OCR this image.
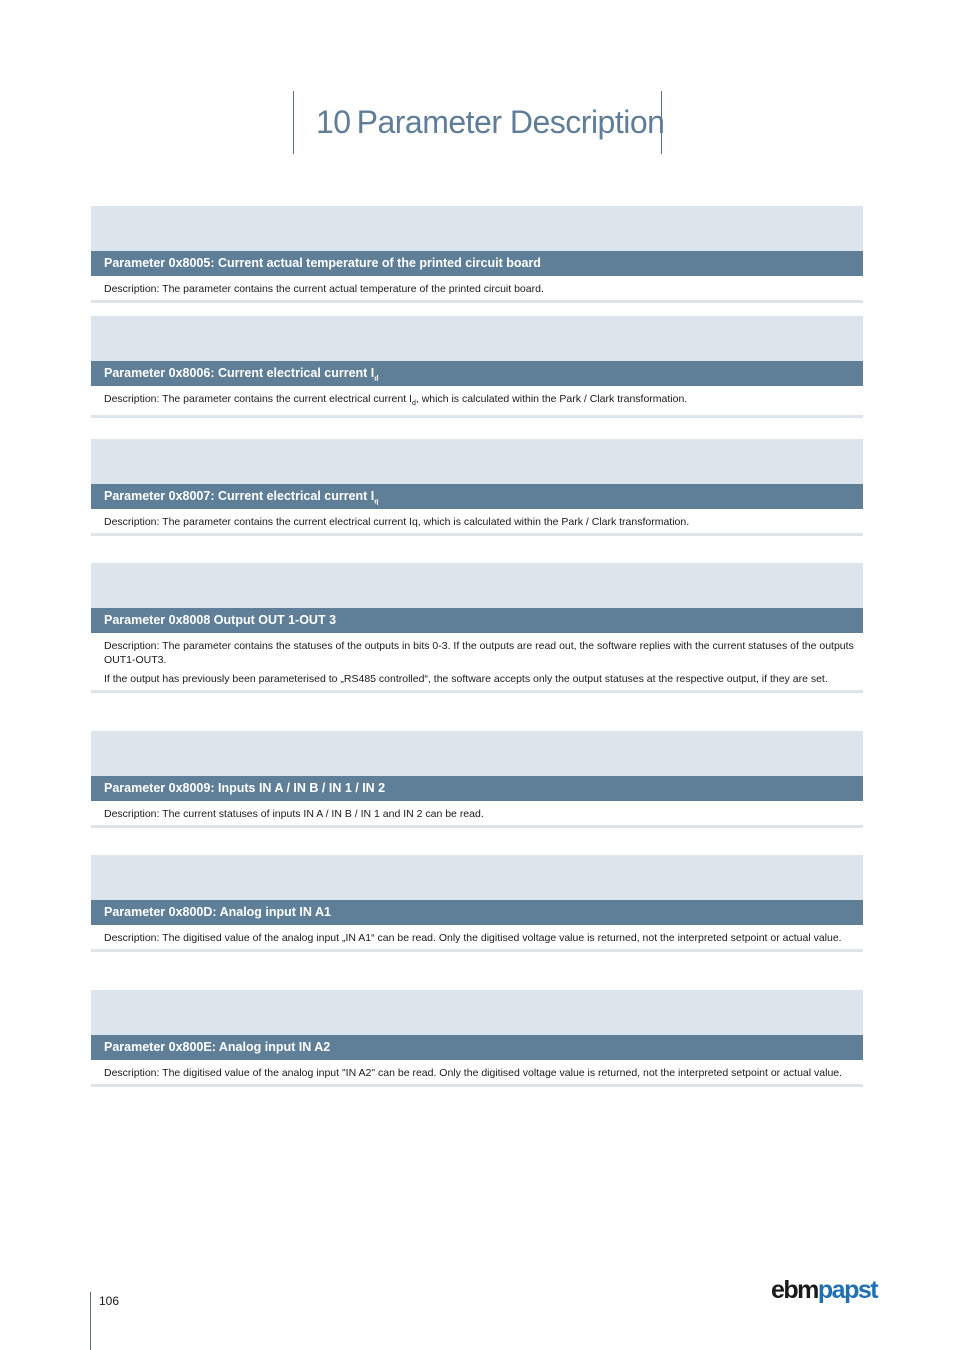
10 Parameter Description
Parameter 0x8005: Current actual temperature of the printed circuit board

Description: The parameter contains the current actual temperature of the printed circuit board.

Parameter 0x8006: Current electrical current $I_d$

Description: The parameter contains the current electrical current $I_d$, which is calculated within the Park / Clark transformation.

Parameter 0x8007: Current electrical current $I_q$

Description: The parameter contains the current electrical current Iq, which is calculated within the Park / Clark transformation.

Parameter 0x8008 Output OUT 1-OUT 3

Description: The parameter contains the statuses of the outputs in bits 0-3. If the outputs are read out, the software replies with the current statuses of the outputs OUT1-OUT3.

If the output has previously been parameterised to „RS485 controlled“, the software accepts only the output statuses at the respective output, if they are set.

Parameter 0x8009: Inputs IN A / IN B / IN 1 / IN 2

Description: The current statuses of inputs IN A / IN B / IN 1 and IN 2 can be read.

Parameter 0x800D: Analog input IN A1

Description: The digitised value of the analog input „IN A1“ can be read. Only the digitised voltage value is returned, not the interpreted setpoint or actual value.

Parameter 0x800E: Analog input IN A2

Description: The digitised value of the analog input "IN A2" can be read. Only the digitised voltage value is returned, not the interpreted setpoint or actual value.

106	ebmpapst
